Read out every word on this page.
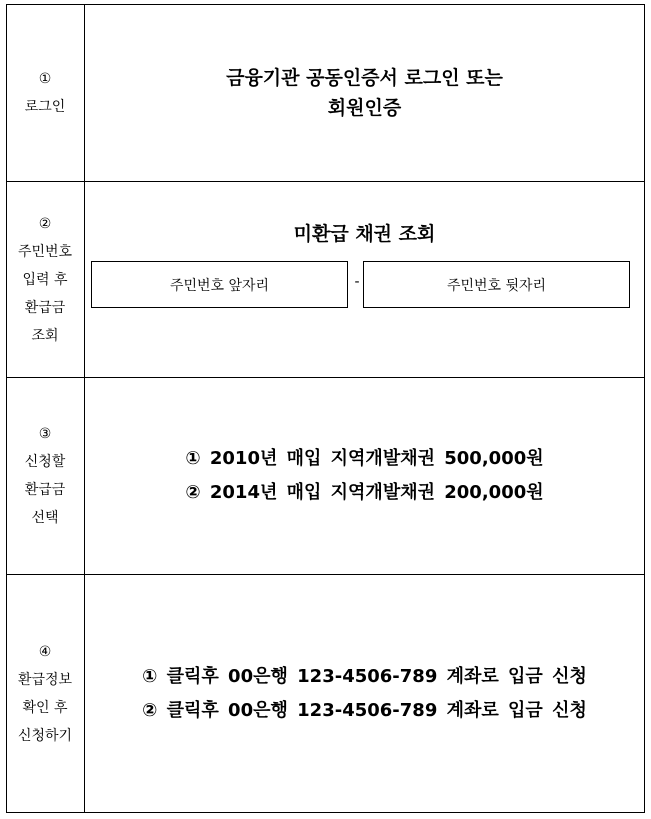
①
로그인
금융기관 공동인증서 로그인 또는
회원인증
②
주민번호
입력 후
환급금
조회
미환급 채권 조회
주민번호 앞자리	-	주민번호 뒷자리
③
신청할
환급금
선택
① 2010년 매입 지역개발채권 500,000원
② 2014년 매입 지역개발채권 200,000원
④
환급정보
확인 후
신청하기
① 클릭후 00은행 123-4506-789 계좌로 입금 신청
② 클릭후 00은행 123-4506-789 계좌로 입금 신청
